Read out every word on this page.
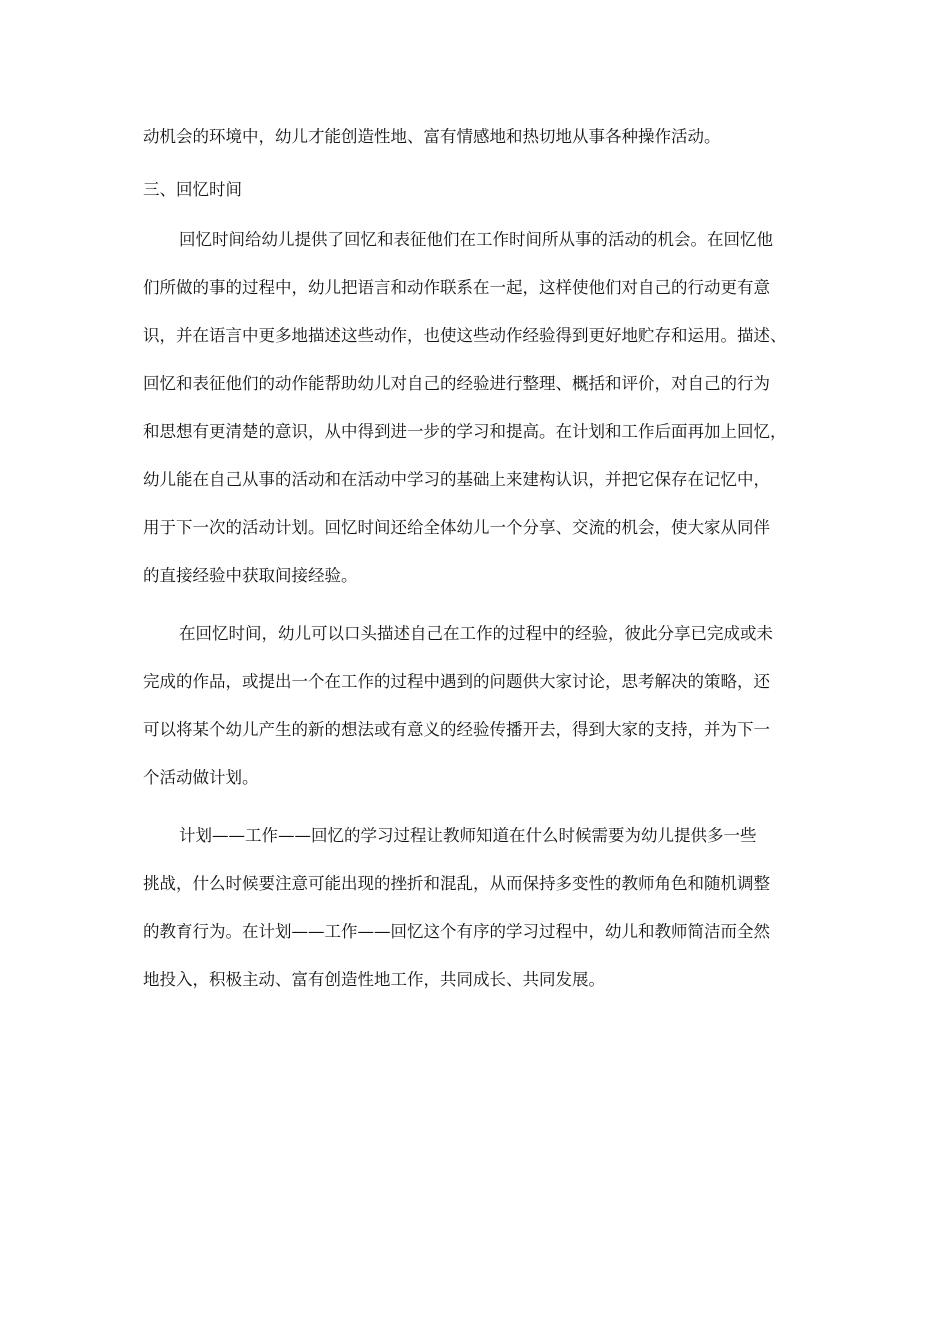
动机会的环境中，幼儿才能创造性地、富有情感地和热切地从事各种操作活动。

三、回忆时间

回忆时间给幼儿提供了回忆和表征他们在工作时间所从事的活动的机会。在回忆他

们所做的事的过程中，幼儿把语言和动作联系在一起，这样使他们对自己的行动更有意

识，并在语言中更多地描述这些动作，也使这些动作经验得到更好地贮存和运用。描述、

回忆和表征他们的动作能帮助幼儿对自己的经验进行整理、概括和评价，对自己的行为

和思想有更清楚的意识，从中得到进一步的学习和提高。在计划和工作后面再加上回忆，

幼儿能在自己从事的活动和在活动中学习的基础上来建构认识，并把它保存在记忆中，

用于下一次的活动计划。回忆时间还给全体幼儿一个分享、交流的机会，使大家从同伴

的直接经验中获取间接经验。

在回忆时间，幼儿可以口头描述自己在工作的过程中的经验，彼此分享已完成或未

完成的作品，或提出一个在工作的过程中遇到的问题供大家讨论，思考解决的策略，还

可以将某个幼儿产生的新的想法或有意义的经验传播开去，得到大家的支持，并为下一

个活动做计划。

计划——工作——回忆的学习过程让教师知道在什么时候需要为幼儿提供多一些

挑战，什么时候要注意可能出现的挫折和混乱，从而保持多变性的教师角色和随机调整

的教育行为。在计划——工作——回忆这个有序的学习过程中，幼儿和教师简洁而全然

地投入，积极主动、富有创造性地工作，共同成长、共同发展。
